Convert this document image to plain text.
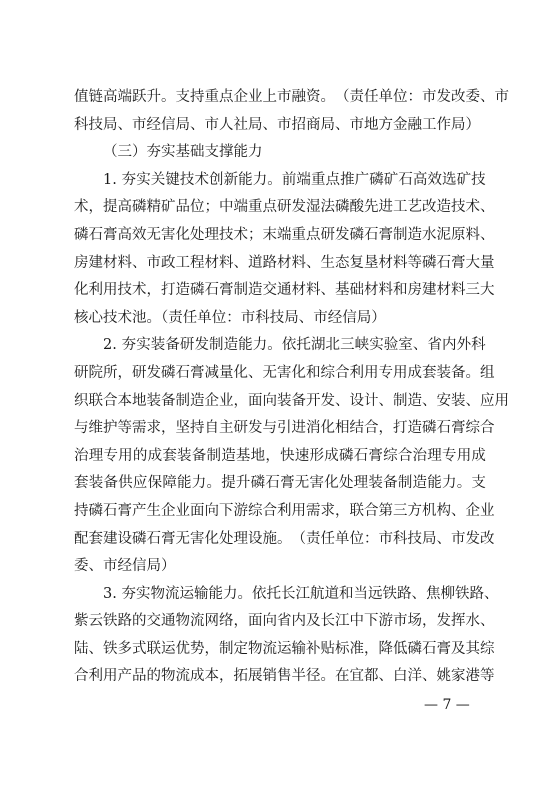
值 链 高 端 跃 升 。 支 持 重 点 企 业 上 市 融 资 。 （ 责 任 单 位 ： 市 发 改 委 、 市
科技局、市经信局、市人社局、市招商局、市地方金融工作局）
（三）夯实基础支撑能力
1 .
夯 实 关 键 技 术 创 新 能 力 。 前 端 重 点 推 广 磷 矿 石 高 效 选 矿 技
术 ， 提 高 磷 精 矿 品 位 ； 中 端 重 点 研 发 湿 法 磷 酸 先 进 工 艺 改 造 技 术 、
磷 石 膏 高 效 无 害 化 处 理 技 术 ； 末 端 重 点 研 发 磷 石 膏 制 造 水 泥 原 料 、
房 建 材 料 、 市 政 工 程 材 料 、 道 路 材 料 、 生 态 复 垦 材 料 等 磷 石 膏 大 量
化 利 用 技 术 ， 打 造 磷 石 膏 制 造 交 通 材 料 、 基 础 材 料 和 房 建 材 料 三 大
核心技术池。（责任单位：市科技局、市经信局）
2 .
夯 实 装 备 研 发 制 造 能 力 。 依 托 湖 北 三 峡 实 验 室 、 省 内 外 科
研 院 所 ， 研 发 磷 石 膏 减 量 化 、 无 害 化 和 综 合 利 用 专 用 成 套 装 备 。 组
织 联 合 本 地 装 备 制 造 企 业 ， 面 向 装 备 开 发 、 设 计 、 制 造 、 安 装 、 应 用
与 维 护 等 需 求 ， 坚 持 自 主 研 发 与 引 进 消 化 相 结 合 ， 打 造 磷 石 膏 综 合
治 理 专 用 的 成 套 装 备 制 造 基 地 ， 快 速 形 成 磷 石 膏 综 合 治 理 专 用 成
套 装 备 供 应 保 障 能 力 。 提 升 磷 石 膏 无 害 化 处 理 装 备 制 造 能 力 。 支
持 磷 石 膏 产 生 企 业 面 向 下 游 综 合 利 用 需 求 ， 联 合 第 三 方 机 构 、 企 业
配 套 建 设 磷 石 膏 无 害 化 处 理 设 施 。 （ 责 任 单 位 ： 市 科 技 局 、 市 发 改
委、市经信局）
3 .
夯 实 物 流 运 输 能 力 。 依 托 长 江 航 道 和 当 远 铁 路 、 焦 柳 铁 路 、
紫 云 铁 路 的 交 通 物 流 网 络 ， 面 向 省 内 及 长 江 中 下 游 市 场 ， 发 挥 水 、
陆 、 铁 多 式 联 运 优 势 ， 制 定 物 流 运 输 补 贴 标 准 ， 降 低 磷 石 膏 及 其 综
合 利 用 产 品 的 物 流 成 本 ， 拓 展 销 售 半 径 。 在 宜 都 、 白 洋 、 姚 家 港 等
— 7 —
